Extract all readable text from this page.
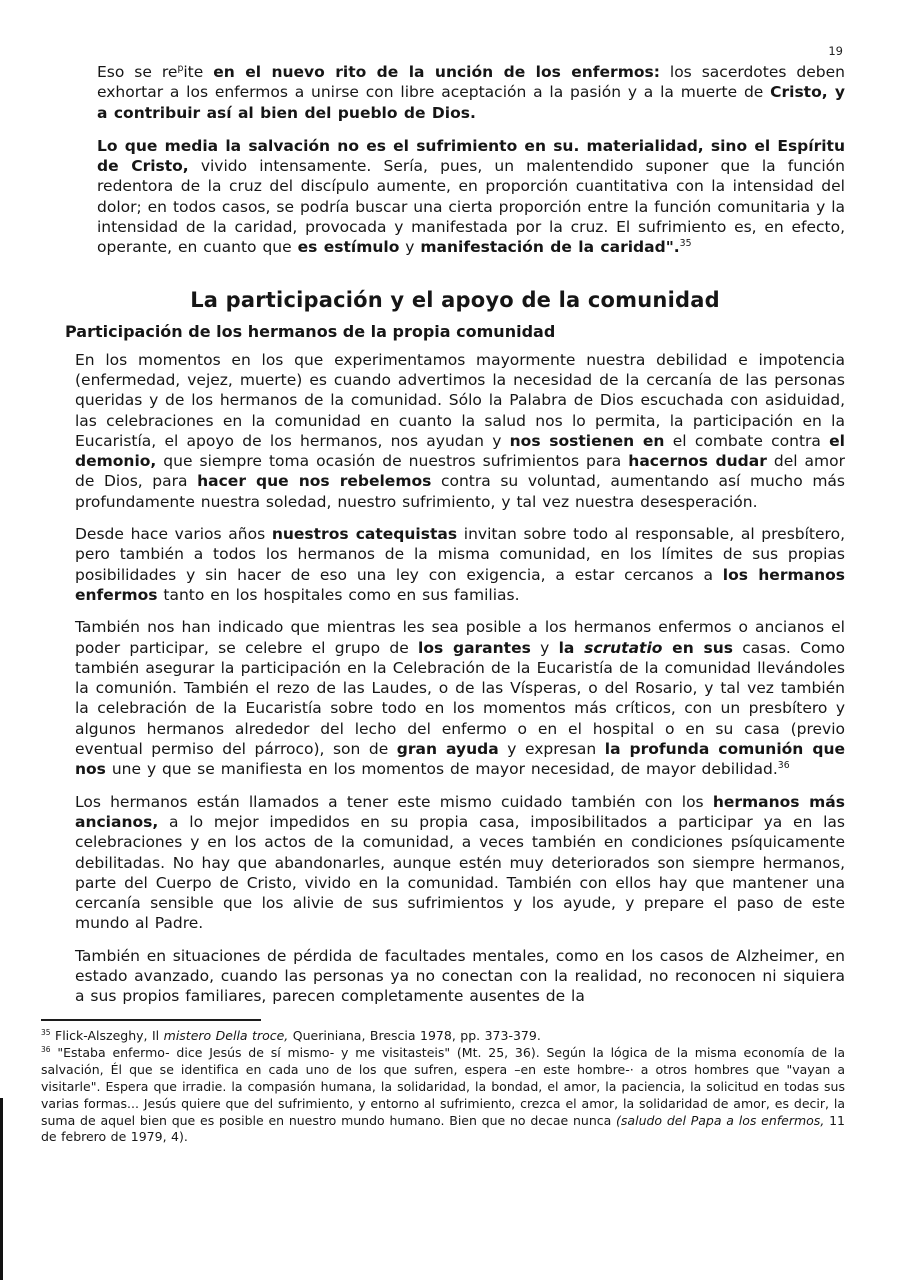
19

Eso se $re^pite$ en el nuevo rito de la unción de los enfermos: los sacerdotes deben exhortar a los enfermos a unirse con libre aceptación a la pasión y a la muerte de Cristo, y a contribuir así al bien del pueblo de Dios.

Lo que media la salvación no es el sufrimiento en su. materialidad, sino el Espíritu de Cristo, vivido intensamente. Sería, pues, un malentendido suponer que la función redentora de la cruz del discípulo aumente, en proporción cuantitativa con la intensidad del dolor; en todos casos, se podría buscar una cierta proporción entre la función comunitaria y la intensidad de la caridad, provocada y manifestada por la cruz. El sufrimiento es, en efecto, operante, en cuanto que es estímulo y manifestación de la caridad".$^{35}$

La participación y el apoyo de la comunidad
Participación de los hermanos de la propia comunidad

En los momentos en los que experimentamos mayormente nuestra debilidad e impotencia (enfermedad, vejez, muerte) es cuando advertimos la necesidad de la cercanía de las personas queridas y de los hermanos de la comunidad. Sólo la Palabra de Dios escuchada con asiduidad, las celebraciones en la comunidad en cuanto la salud nos lo permita, la participación en la Eucaristía, el apoyo de los hermanos, nos ayudan y nos sostienen en el combate contra el demonio, que siempre toma ocasión de nuestros sufrimientos para hacernos dudar del amor de Dios, para hacer que nos rebelemos contra su voluntad, aumentando así mucho más profundamente nuestra soledad, nuestro sufrimiento, y tal vez nuestra desesperación.

Desde hace varios años nuestros catequistas invitan sobre todo al responsable, al presbítero, pero también a todos los hermanos de la misma comunidad, en los límites de sus propias posibilidades y sin hacer de eso una ley con exigencia, a estar cercanos a los hermanos enfermos tanto en los hospitales como en sus familias.

También nos han indicado que mientras les sea posible a los hermanos enfermos o ancianos el poder participar, se celebre el grupo de los garantes y la scrutatio en sus casas. Como también asegurar la participación en la Celebración de la Eucaristía de la comunidad llevándoles la comunión. También el rezo de las Laudes, o de las Vísperas, o del Rosario, y tal vez también la celebración de la Eucaristía sobre todo en los momentos más críticos, con un presbítero y algunos hermanos alrededor del lecho del enfermo o en el hospital o en su casa (previo eventual permiso del párroco), son de gran ayuda y expresan la profunda comunión que nos une y que se manifiesta en los momentos de mayor necesidad, de mayor debilidad.$^{36}$

Los hermanos están llamados a tener este mismo cuidado también con los hermanos más ancianos, a lo mejor impedidos en su propia casa, imposibilitados a participar ya en las celebraciones y en los actos de la comunidad, a veces también en condiciones psíquicamente debilitadas. No hay que abandonarles, aunque estén muy deteriorados son siempre hermanos, parte del Cuerpo de Cristo, vivido en la comunidad. También con ellos hay que mantener una cercanía sensible que los alivie de sus sufrimientos y los ayude, y prepare el paso de este mundo al Padre.

También en situaciones de pérdida de facultades mentales, como en los casos de Alzheimer, en estado avanzado, cuando las personas ya no conectan con la realidad, no reconocen ni siquiera a sus propios familiares, parecen completamente ausentes de la

$^{35}$ Flick-Alszeghy, Il mistero Della troce, Queriniana, Brescia 1978, pp. 373-379.

$^{36}$ "Estaba enfermo- dice Jesús de sí mismo- y me visitasteis" (Mt. 25, 36). Según la lógica de la misma economía de la salvación, Él que se identifica en cada uno de los que sufren, espera –en este hombre-· a otros hombres que "vayan a visitarle". Espera que irradie. la compasión humana, la solidaridad, la bondad, el amor, la paciencia, la solicitud en todas sus varias formas... Jesús quiere que del sufrimiento, y entorno al sufrimiento, crezca el amor, la solidaridad de amor, es decir, la suma de aquel bien que es posible en nuestro mundo humano. Bien que no decae nunca (saludo del Papa a los enfermos, 11 de febrero de 1979, 4).
